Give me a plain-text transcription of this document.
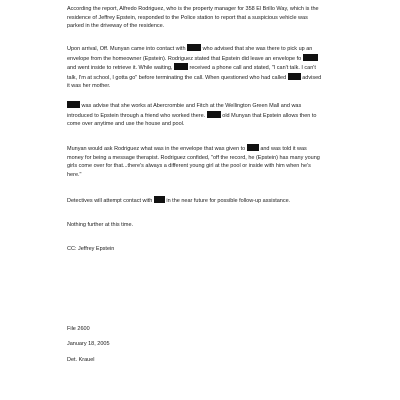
According the report, Alfredo Rodriguez, who is the property manager for 358 El Brillo Way, which is the
residence of Jeffrey Epstein, responded to the Police station to report that a suspicious vehicle was
parked in the driveway of the residence.

Upon arrival, Off. Munyan came into contact with	who advised that she was there to pick up an
envelope from the homeowner (Epstein). Rodriguez stated that Epstein did leave an envelope fo
and went inside to retrieve it. While waiting,	received a phone call and stated, "I can't talk. I can't
talk, I'm at school, I gotta go" before terminating the call. When questioned who had called	advised
it was her mother.

was advise that she works at Abercrombie and Fitch at the Wellington Green Mall and was
introduced to Epstein through a friend who worked there.	old Munyan that Epstein allows then to
come over anytime and use the house and pool.

Munyan would ask Rodriguez what was in the envelope that was given to	and was told it was
money for being a message therapist. Rodriguez confided, "off the record, he (Epstein) has many young
girls come over for that...there's always a different young girl at the pool or inside with him when he's
here."

Detectives will attempt contact with	in the near future for possible follow-up assistance.

Nothing further at this time.

CC: Jeffrey Epstein

File 2600

January 18, 2005

Det. Krauel
